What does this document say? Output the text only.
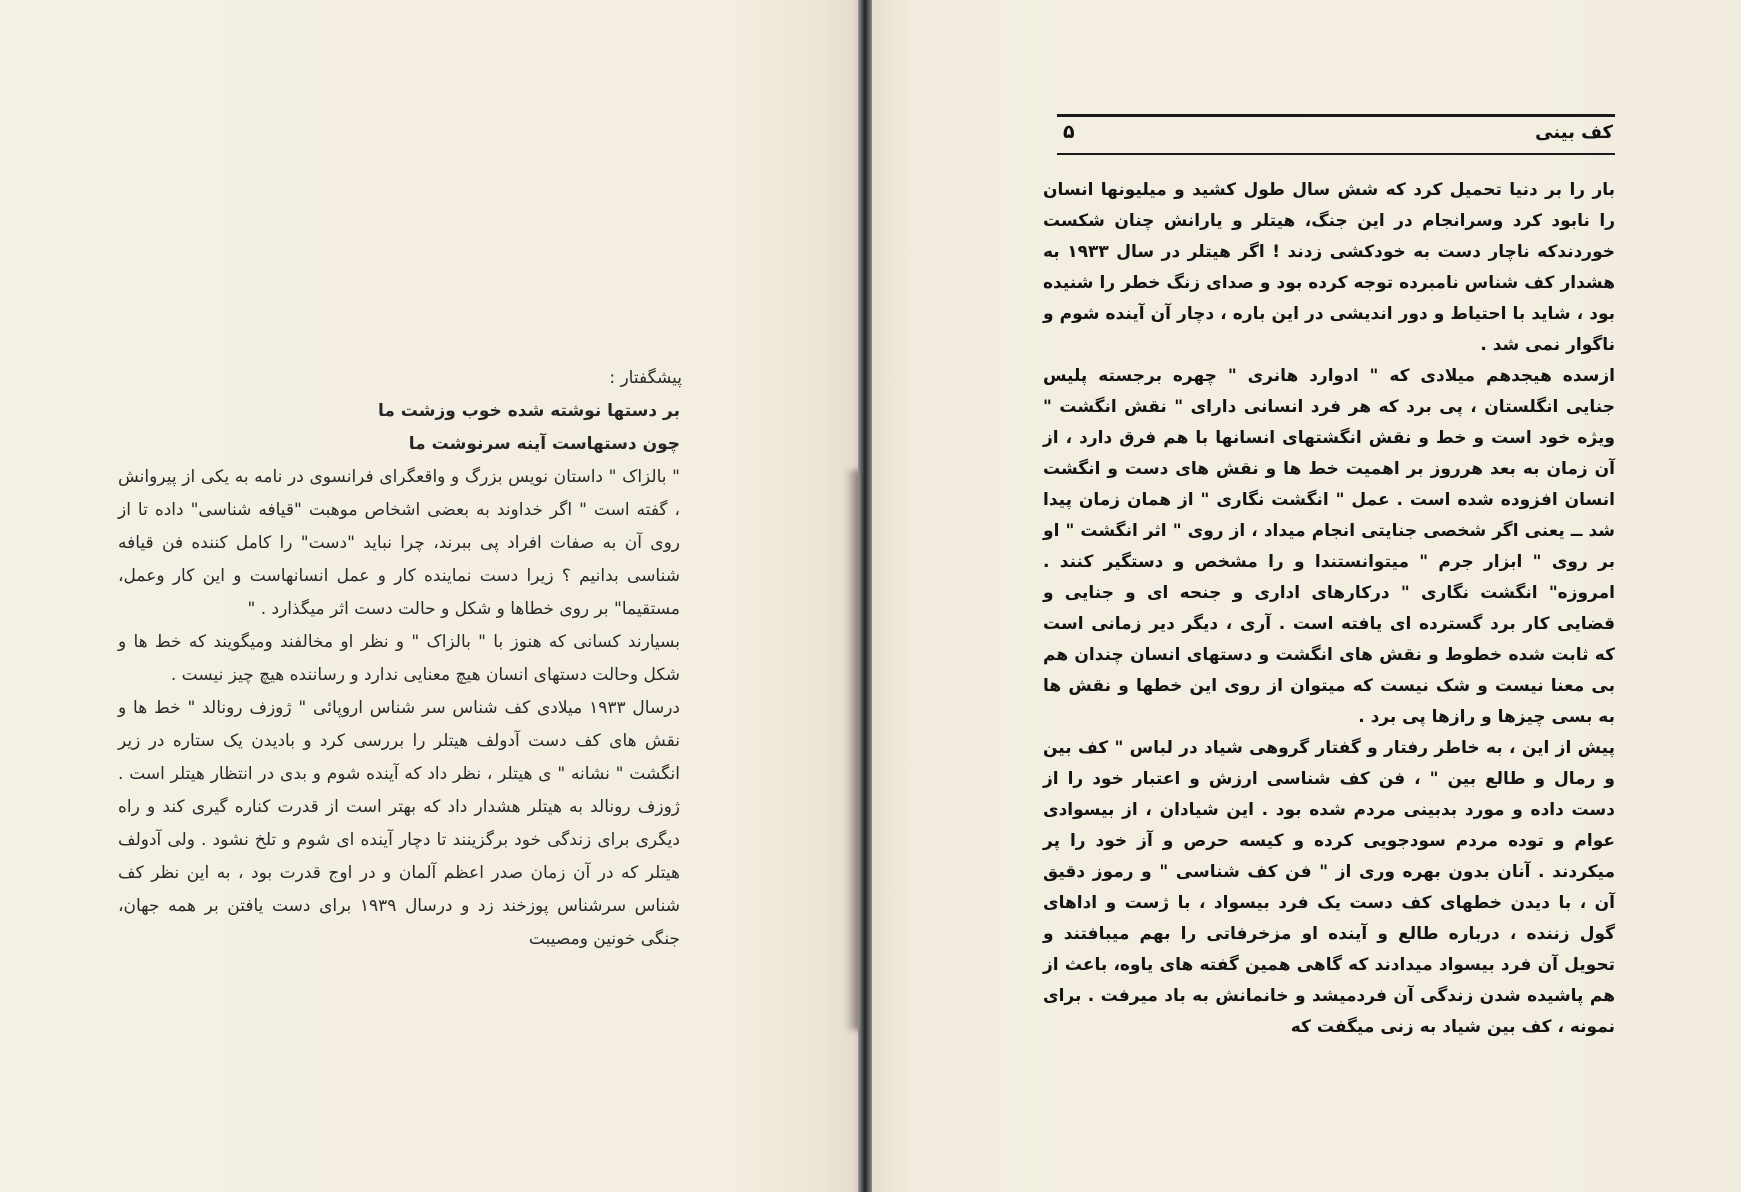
پیشگفتار :
بر دستها نوشته شده خوب وزشت ما
چون دستهاست آینه سرنوشت ما

" بالزاک " داستان نویس بزرگ و واقعگرای فرانسوی در نامه به یکی از پیروانش ، گفته است " اگر خداوند به بعضی اشخاص موهبت "قیافه شناسی" داده تا از روی آن به صفات افراد پی ببرند، چرا نباید "دست" را کامل کننده فن قیافه شناسی بدانیم ؟ زیرا دست نماینده کار و عمل انسانهاست و این کار وعمل، مستقیما" بر روی خطاها و شکل و حالت دست اثر میگذارد . "

بسیارند کسانی که هنوز با " بالزاک " و نظر او مخالفند ومیگویند که خط ها و شکل وحالت دستهای انسان هیچ معنایی ندارد و رساننده هیچ چیز نیست .

درسال ۱۹۳۳ میلادی کف شناس سر شناس اروپائی " ژوزف رونالد " خط ها و نقش های کف دست آدولف هیتلر را بررسی کرد و بادیدن یک ستاره در زیر انگشت " نشانه " ی هیتلر ، نظر داد که آینده شوم و بدی در انتظار هیتلر است . ژوزف رونالد به هیتلر هشدار داد که بهتر است از قدرت کناره گیری کند و راه دیگری برای زندگی خود برگزینند تا دچار آینده ای شوم و تلخ نشود . ولی آدولف هیتلر که در آن زمان صدر اعظم آلمان و در اوج قدرت بود ، به این نظر کف شناس سرشناس پوزخند زد و درسال ۱۹۳۹ برای دست یافتن بر همه جهان، جنگی خونین ومصیبت

کف بینی
۵

بار را بر دنیا تحمیل کرد که شش سال طول کشید و میلیونها انسان را نابود کرد وسرانجام در این جنگ، هیتلر و یارانش چنان شکست خوردندکه ناچار دست به خودکشی زدند ! اگر هیتلر در سال ۱۹۳۳ به هشدار کف شناس نامبرده توجه کرده بود و صدای زنگ خطر را شنیده بود ، شاید با احتیاط و دور اندیشی در این باره ، دچار آن آینده شوم و ناگوار نمی شد .

ازسده هیجدهم میلادی که " ادوارد هانری " چهره برجسته پلیس جنایی انگلستان ، پی برد که هر فرد انسانی دارای " نقش انگشت " ویژه خود است و خط و نقش انگشتهای انسانها با هم فرق دارد ، از آن زمان به بعد هرروز بر اهمیت خط ها و نقش های دست و انگشت انسان افزوده شده است . عمل " انگشت نگاری " از همان زمان پیدا شد ــ یعنی اگر شخصی جنایتی انجام میداد ، از روی " اثر انگشت " او بر روی " ابزار جرم " میتوانستندا و را مشخص و دستگیر کنند . امروزه" انگشت نگاری " درکارهای اداری و جنحه ای و جنایی و قضایی کار برد گسترده ای یافته است . آری ، دیگر دیر زمانی است که ثابت شده خطوط و نقش های انگشت و دستهای انسان چندان هم بی معنا نیست و شک نیست که میتوان از روی این خطها و نقش ها به بسی چیزها و رازها پی برد .

پیش از این ، به خاطر رفتار و گفتار گروهی شیاد در لباس " کف بین و رمال و طالع بین " ، فن کف شناسی ارزش و اعتبار خود را از دست داده و مورد بدبینی مردم شده بود . این شیادان ، از بیسوادی عوام و توده مردم سودجویی کرده و کیسه حرص و آز خود را پر میکردند . آنان بدون بهره وری از " فن کف شناسی " و رموز دقیق آن ، با دیدن خطهای کف دست یک فرد بیسواد ، با ژست و اداهای گول زننده ، درباره طالع و آینده او مزخرفاتی را بهم میبافتند و تحویل آن فرد بیسواد میدادند که گاهی همین گفته های یاوه، باعث از هم پاشیده شدن زندگی آن فردمیشد و خانمانش به باد میرفت . برای نمونه ، کف بین شیاد به زنی میگفت که
